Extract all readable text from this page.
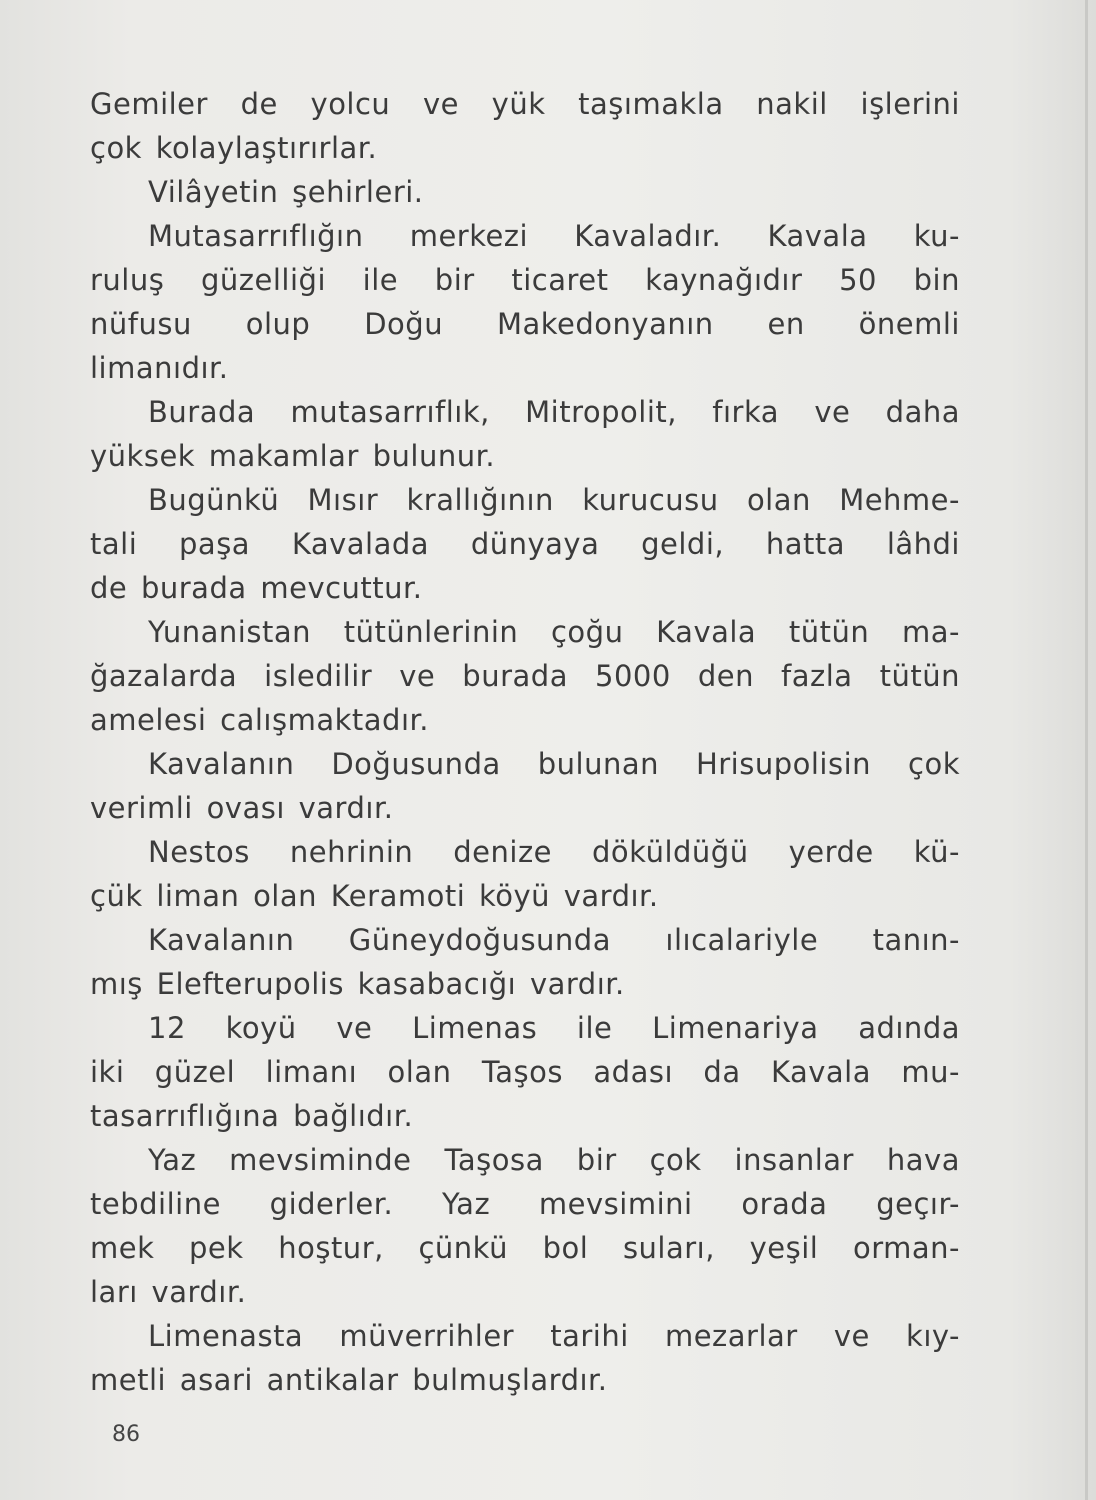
Gemiler de yolcu ve yük taşımakla nakil işlerini
çok kolaylaştırırlar.
Vilâyetin şehirleri.
Mutasarrıflığın merkezi Kavaladır. Kavala ku-
ruluş güzelliği ile bir ticaret kaynağıdır 50 bin
nüfusu olup Doğu Makedonyanın en önemli
limanıdır.
Burada mutasarrıflık, Mitropolit, fırka ve daha
yüksek makamlar bulunur.
Bugünkü Mısır krallığının kurucusu olan Mehme-
tali paşa Kavalada dünyaya geldi, hatta lâhdi
de burada mevcuttur.
Yunanistan tütünlerinin çoğu Kavala tütün ma-
ğazalarda isledilir ve burada 5000 den fazla tütün
amelesi calışmaktadır.
Kavalanın Doğusunda bulunan Hrisupolisin çok
verimli ovası vardır.
Nestos nehrinin denize döküldüğü yerde kü-
çük liman olan Keramoti köyü vardır.
Kavalanın Güneydoğusunda ılıcalariyle tanın-
mış Elefterupolis kasabacığı vardır.
12 koyü ve Limenas ile Limenariya adında
iki güzel limanı olan Taşos adası da Kavala mu-
tasarrıflığına bağlıdır.
Yaz mevsiminde Taşosa bir çok insanlar hava
tebdiline giderler. Yaz mevsimini orada geçır-
mek pek hoştur, çünkü bol suları, yeşil orman-
ları vardır.
Limenasta müverrihler tarihi mezarlar ve kıy-
metli asari antikalar bulmuşlardır.
86
